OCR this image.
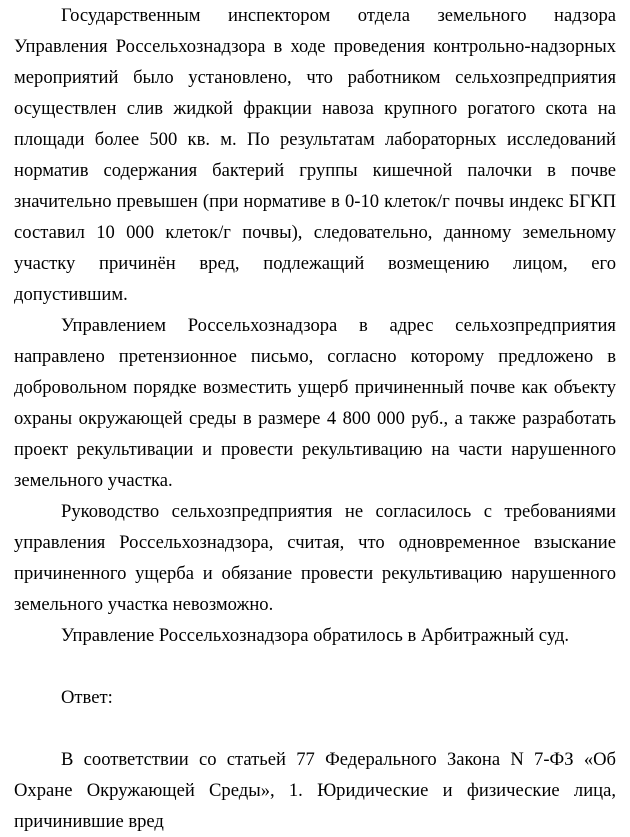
Государственным инспектором отдела земельного надзора Управления Россельхознадзора в ходе проведения контрольно-надзорных мероприятий было установлено, что работником сельхозпредприятия осуществлен слив жидкой фракции навоза крупного рогатого скота на площади более 500 кв. м. По результатам лабораторных исследований норматив содержания бактерий группы кишечной палочки в почве значительно превышен (при нормативе в 0-10 клеток/г почвы индекс БГКП составил 10 000 клеток/г почвы), следовательно, данному земельному участку причинён вред, подлежащий возмещению лицом, его допустившим.

Управлением Россельхознадзора в адрес сельхозпредприятия направлено претензионное письмо, согласно которому предложено в добровольном порядке возместить ущерб причиненный почве как объекту охраны окружающей среды в размере 4 800 000 руб., а также разработать проект рекультивации и провести рекультивацию на части нарушенного земельного участка.

Руководство сельхозпредприятия не согласилось с требованиями управления Россельхознадзора, считая, что одновременное взыскание причиненного ущерба и обязание провести рекультивацию нарушенного земельного участка невозможно.

Управление Россельхознадзора обратилось в Арбитражный суд.

Ответ:

В соответствии со статьей 77 Федерального Закона N 7-ФЗ «Об Охране Окружающей Среды», 1. Юридические и физические лица, причинившие вред
